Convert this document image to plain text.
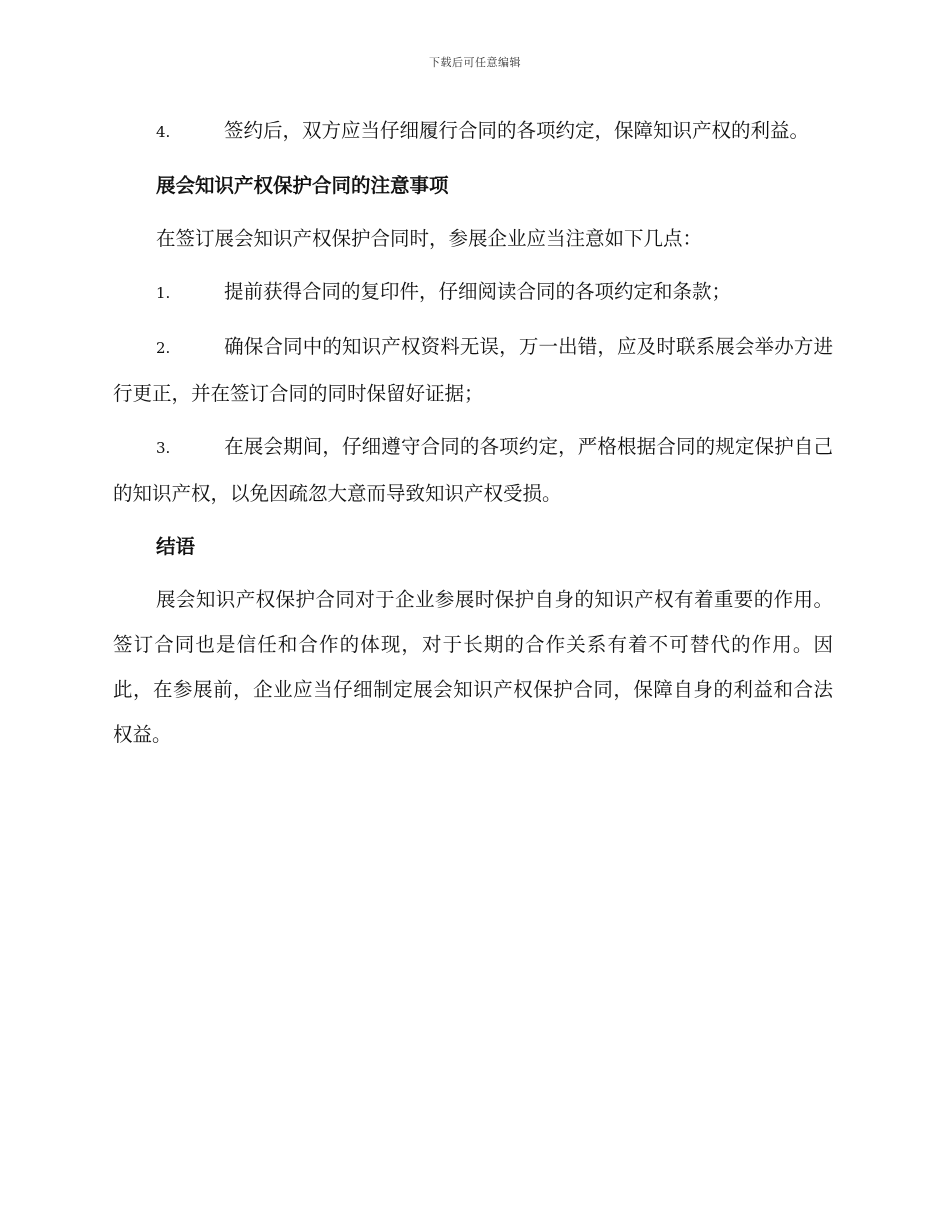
下载后可任意编辑

4.	签约后，双方应当仔细履行合同的各项约定，保障知识产权的利益。

展会知识产权保护合同的注意事项

在签订展会知识产权保护合同时，参展企业应当注意如下几点：

1.	提前获得合同的复印件，仔细阅读合同的各项约定和条款；

2.	确保合同中的知识产权资料无误，万一出错，应及时联系展会举办方进行更正，并在签订合同的同时保留好证据；

3.	在展会期间，仔细遵守合同的各项约定，严格根据合同的规定保护自己的知识产权，以免因疏忽大意而导致知识产权受损。

结语

展会知识产权保护合同对于企业参展时保护自身的知识产权有着重要的作用。签订合同也是信任和合作的体现，对于长期的合作关系有着不可替代的作用。因此，在参展前，企业应当仔细制定展会知识产权保护合同，保障自身的利益和合法权益。
